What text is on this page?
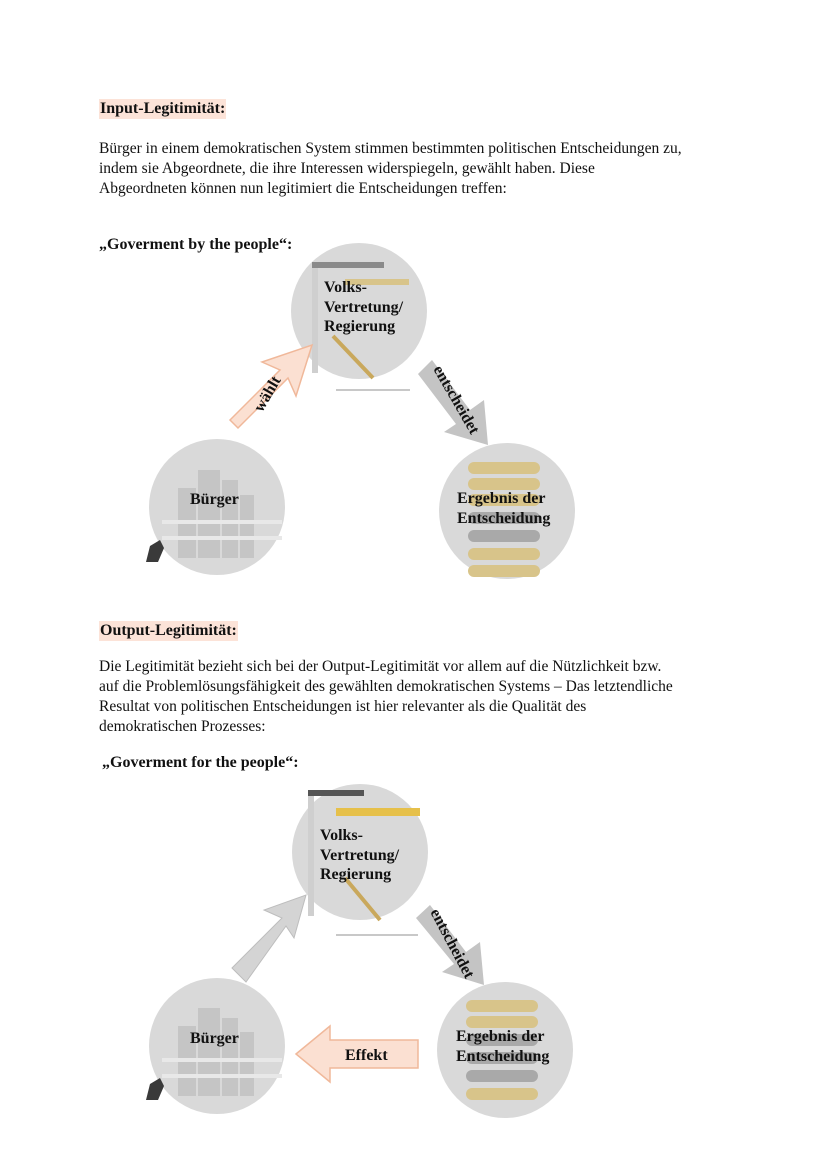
Input-Legitimität:

Bürger in einem demokratischen System stimmen bestimmten politischen Entscheidungen zu,
indem sie Abgeordnete, die ihre Interessen widerspiegeln, gewählt haben. Diese
Abgeordneten können nun legitimiert die Entscheidungen treffen:

„Goverment by the people“:
Volks-
Vertretung/
Regierung
Bürger	Ergebnis der
Entscheidung
wählt	entscheidet
Output-Legitimität:

Die Legitimität bezieht sich bei der Output-Legitimität vor allem auf die Nützlichkeit bzw.
auf die Problemlösungsfähigkeit des gewählten demokratischen Systems – Das letztendliche
Resultat von politischen Entscheidungen ist hier relevanter als die Qualität des
demokratischen Prozesses:

„Goverment for the people“:
Volks-
Vertretung/
Regierung
Bürger	Ergebnis der
Entscheidung
entscheidet
Effekt
